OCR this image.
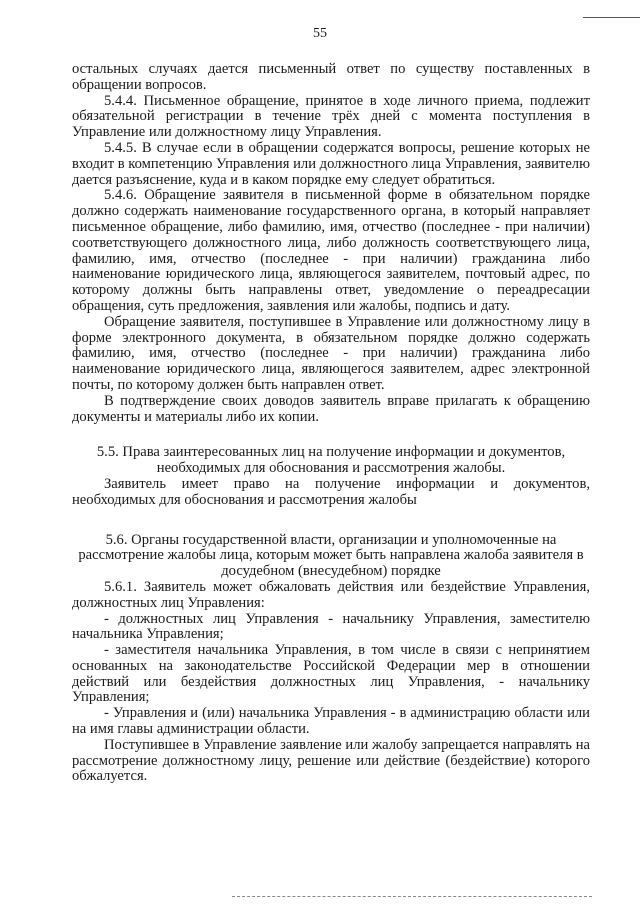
55

остальных случаях дается письменный ответ по существу поставленных в обращении вопросов.

5.4.4. Письменное обращение, принятое в ходе личного приема, подлежит обязательной регистрации в течение трёх дней с момента поступления в Управление или должностному лицу Управления.

5.4.5. В случае если в обращении содержатся вопросы, решение которых не входит в компетенцию Управления или должностного лица Управления, заявителю дается разъяснение, куда и в каком порядке ему следует обратиться.

5.4.6. Обращение заявителя в письменной форме в обязательном порядке должно содержать наименование государственного органа, в который направляет письменное обращение, либо фамилию, имя, отчество (последнее - при наличии) соответствующего должностного лица, либо должность соответствующего лица, фамилию, имя, отчество (последнее - при наличии) гражданина либо наименование юридического лица, являющегося заявителем, почтовый адрес, по которому должны быть направлены ответ, уведомление о переадресации обращения, суть предложения, заявления или жалобы, подпись и дату.

Обращение заявителя, поступившее в Управление или должностному лицу в форме электронного документа, в обязательном порядке должно содержать фамилию, имя, отчество (последнее - при наличии) гражданина либо наименование юридического лица, являющегося заявителем, адрес электронной почты, по которому должен быть направлен ответ.

В подтверждение своих доводов заявитель вправе прилагать к обращению документы и материалы либо их копии.

5.5. Права заинтересованных лиц на получение информации и документов, необходимых для обоснования и рассмотрения жалобы.

Заявитель имеет право на получение информации и документов, необходимых для обоснования и рассмотрения жалобы

5.6. Органы государственной власти, организации и уполномоченные на рассмотрение жалобы лица, которым может быть направлена жалоба заявителя в досудебном (внесудебном) порядке

5.6.1. Заявитель может обжаловать действия или бездействие Управления, должностных лиц Управления:

- должностных лиц Управления - начальнику Управления, заместителю начальника Управления;

- заместителя начальника Управления, в том числе в связи с непринятием основанных на законодательстве Российской Федерации мер в отношении действий или бездействия должностных лиц Управления, - начальнику Управления;

- Управления и (или) начальника Управления - в администрацию области или на имя главы администрации области.

Поступившее в Управление заявление или жалобу запрещается направлять на рассмотрение должностному лицу, решение или действие (бездействие) которого обжалуется.
